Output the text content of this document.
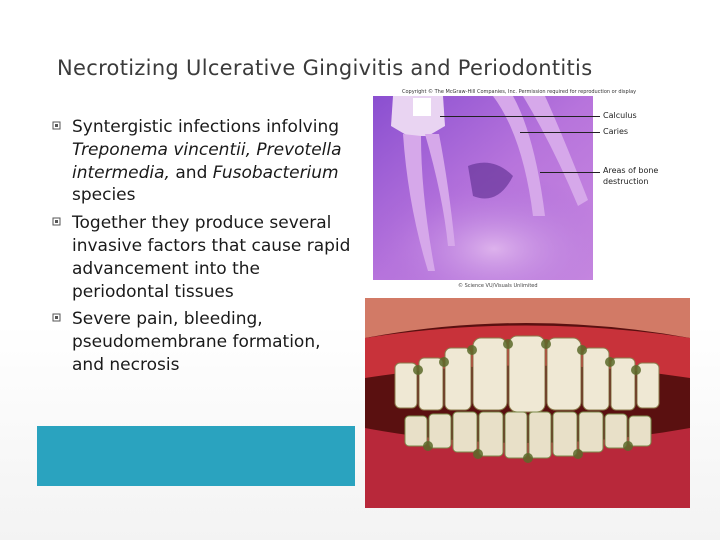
Necrotizing Ulcerative Gingivitis and Periodontitis
Syntergistic infections infolving Treponema vincentii, Prevotella intermedia, and Fusobacterium species
Together they produce several invasive factors that cause rapid advancement into the periodontal tissues
Severe pain, bleeding, pseudomembrane formation, and necrosis
Copyright © The McGraw-Hill Companies, Inc. Permission required for reproduction or display
Calculus
Caries
Areas of bone
destruction
© Science VU/Visuals Unlimited
